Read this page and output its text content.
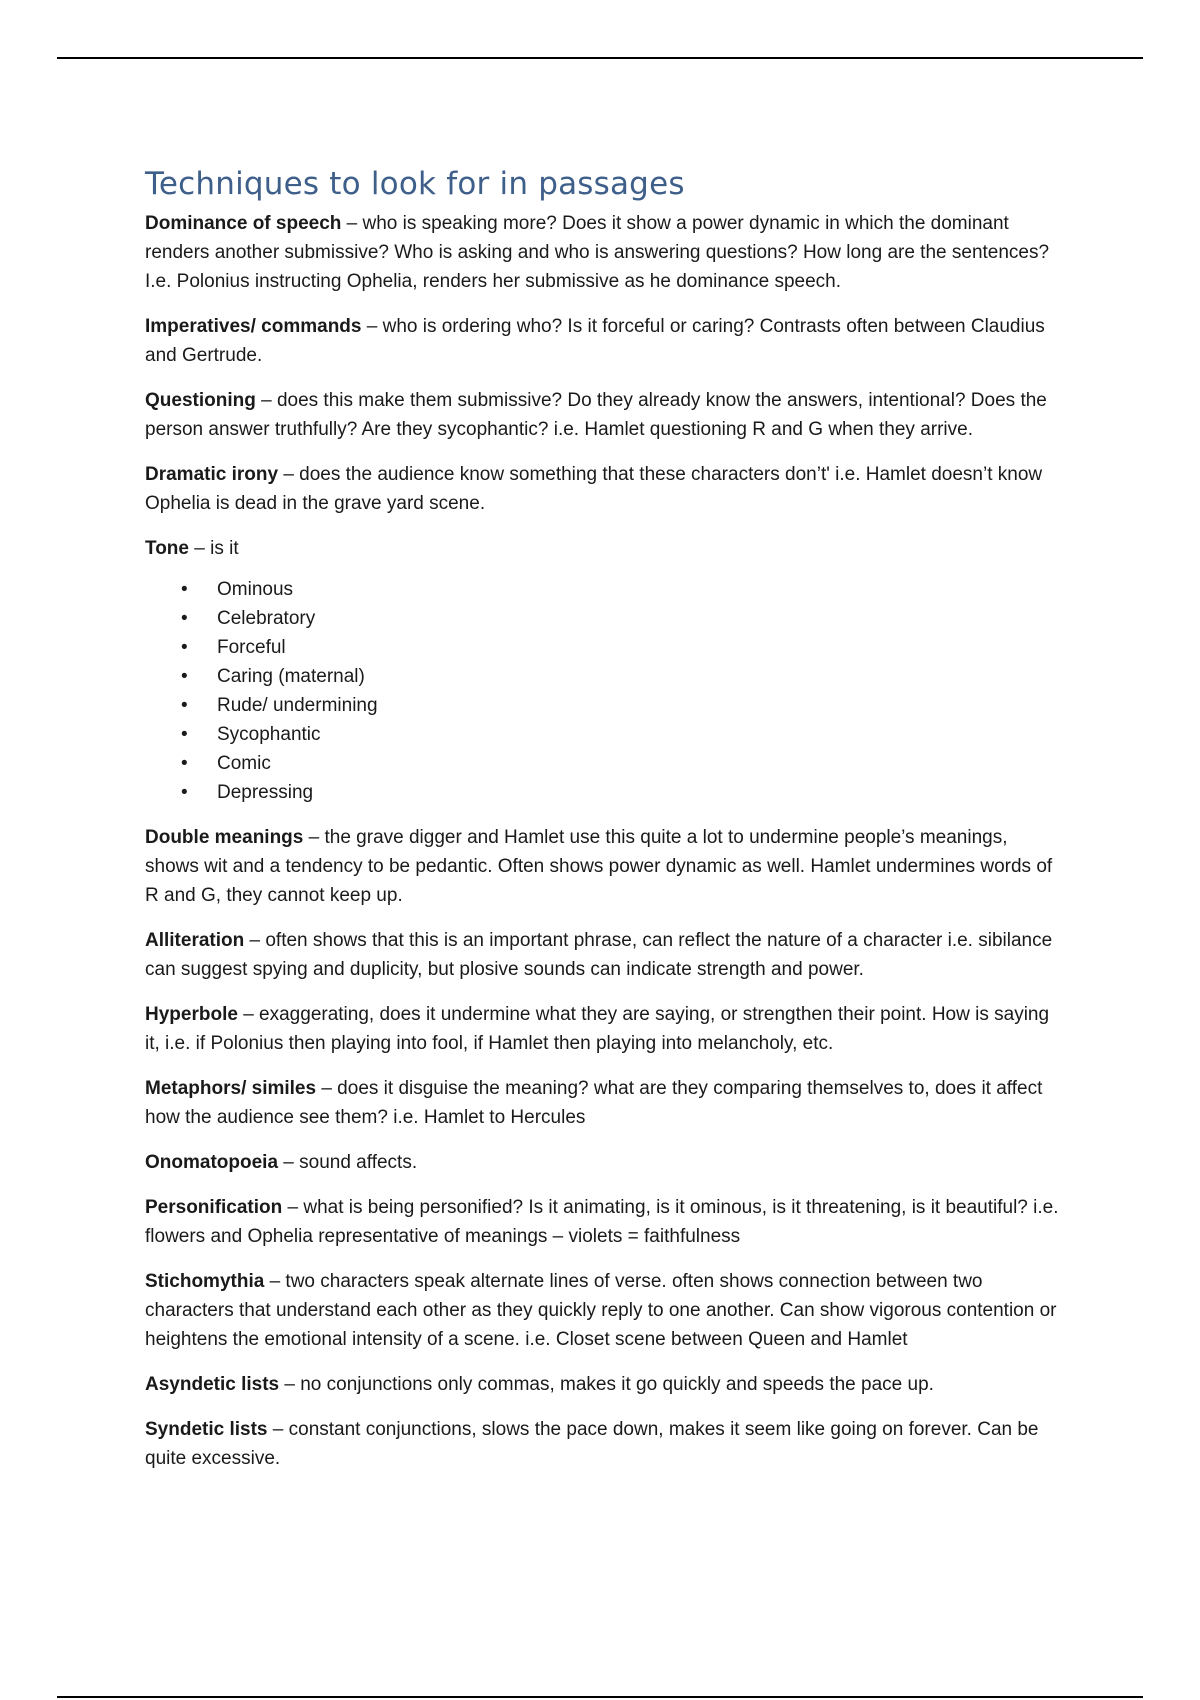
Techniques to look for in passages

Dominance of speech – who is speaking more? Does it show a power dynamic in which the dominant renders another submissive? Who is asking and who is answering questions? How long are the sentences? I.e. Polonius instructing Ophelia, renders her submissive as he dominance speech.

Imperatives/ commands – who is ordering who? Is it forceful or caring? Contrasts often between Claudius and Gertrude.

Questioning – does this make them submissive? Do they already know the answers, intentional? Does the person answer truthfully? Are they sycophantic? i.e. Hamlet questioning R and G when they arrive.

Dramatic irony – does the audience know something that these characters don’t' i.e. Hamlet doesn’t know Ophelia is dead in the grave yard scene.

Tone – is it

• Ominous
• Celebratory
• Forceful
• Caring (maternal)
• Rude/ undermining
• Sycophantic
• Comic
• Depressing

Double meanings – the grave digger and Hamlet use this quite a lot to undermine people’s meanings, shows wit and a tendency to be pedantic. Often shows power dynamic as well. Hamlet undermines words of R and G, they cannot keep up.

Alliteration – often shows that this is an important phrase, can reflect the nature of a character i.e. sibilance can suggest spying and duplicity, but plosive sounds can indicate strength and power.

Hyperbole – exaggerating, does it undermine what they are saying, or strengthen their point. How is saying it, i.e. if Polonius then playing into fool, if Hamlet then playing into melancholy, etc.

Metaphors/ similes – does it disguise the meaning? what are they comparing themselves to, does it affect how the audience see them? i.e. Hamlet to Hercules

Onomatopoeia – sound affects.

Personification – what is being personified? Is it animating, is it ominous, is it threatening, is it beautiful? i.e. flowers and Ophelia representative of meanings – violets = faithfulness

Stichomythia – two characters speak alternate lines of verse. often shows connection between two characters that understand each other as they quickly reply to one another. Can show vigorous contention or heightens the emotional intensity of a scene. i.e. Closet scene between Queen and Hamlet

Asyndetic lists – no conjunctions only commas, makes it go quickly and speeds the pace up.

Syndetic lists – constant conjunctions, slows the pace down, makes it seem like going on forever. Can be quite excessive.
